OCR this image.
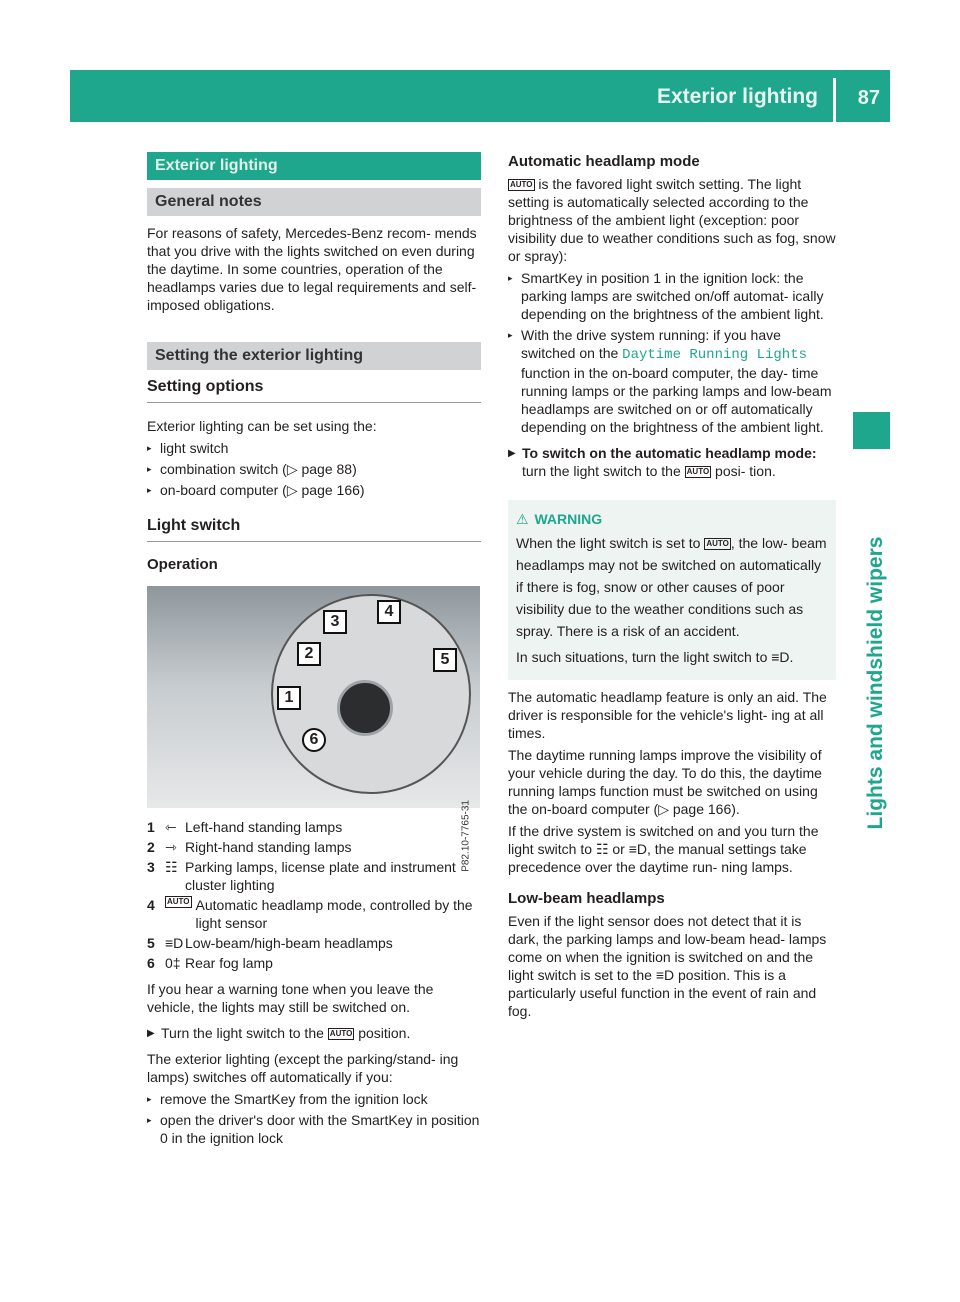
Exterior lighting 87
Lights and windshield wipers
Exterior lighting
General notes

For reasons of safety, Mercedes-Benz recom- mends that you drive with the lights switched on even during the daytime. In some countries, operation of the headlamps varies due to legal requirements and self-imposed obligations.

Setting the exterior lighting
Setting options

Exterior lighting can be set using the:

▸ light switch
▸ combination switch (▷ page 88)
▸ on-board computer (▷ page 166)
Light switch
Operation
1
2
3
4
5
6
P82.10-7765-31
1 ⇽ Left-hand standing lamps
2 ⇾ Right-hand standing lamps
3 ☷ Parking lamps, license plate and instrument cluster lighting
4	AUTO Automatic headlamp mode, controlled by the light sensor
5 ≡D Low-beam/high-beam headlamps
6 0‡ Rear fog lamp

If you hear a warning tone when you leave the vehicle, the lights may still be switched on.

▶ Turn the light switch to the AUTO position.

The exterior lighting (except the parking/stand- ing lamps) switches off automatically if you:

▸ remove the SmartKey from the ignition lock
▸ open the driver's door with the SmartKey in position 0 in the ignition lock
Automatic headlamp mode

AUTO is the favored light switch setting. The light setting is automatically selected according to the brightness of the ambient light (exception: poor visibility due to weather conditions such as fog, snow or spray):

▸ SmartKey in position 1 in the ignition lock: the parking lamps are switched on/off automat- ically depending on the brightness of the ambient light.
▸ With the drive system running: if you have switched on the Daytime Running Lights function in the on-board computer, the day- time running lamps or the parking lamps and low-beam headlamps are switched on or off automatically depending on the brightness of the ambient light.
▶ To switch on the automatic headlamp mode: turn the light switch to the AUTO posi- tion.
⚠ WARNING

When the light switch is set to AUTO , the low- beam headlamps may not be switched on automatically if there is fog, snow or other causes of poor visibility due to the weather conditions such as spray. There is a risk of an accident.

In such situations, turn the light switch to ≡D.

The automatic headlamp feature is only an aid. The driver is responsible for the vehicle's light- ing at all times.

The daytime running lamps improve the visibility of your vehicle during the day. To do this, the daytime running lamps function must be switched on using the on-board computer (▷ page 166).

If the drive system is switched on and you turn the light switch to ☷ or ≡D, the manual settings take precedence over the daytime run- ning lamps.

Low-beam headlamps

Even if the light sensor does not detect that it is dark, the parking lamps and low-beam head- lamps come on when the ignition is switched on and the light switch is set to the ≡D position. This is a particularly useful function in the event of rain and fog.
